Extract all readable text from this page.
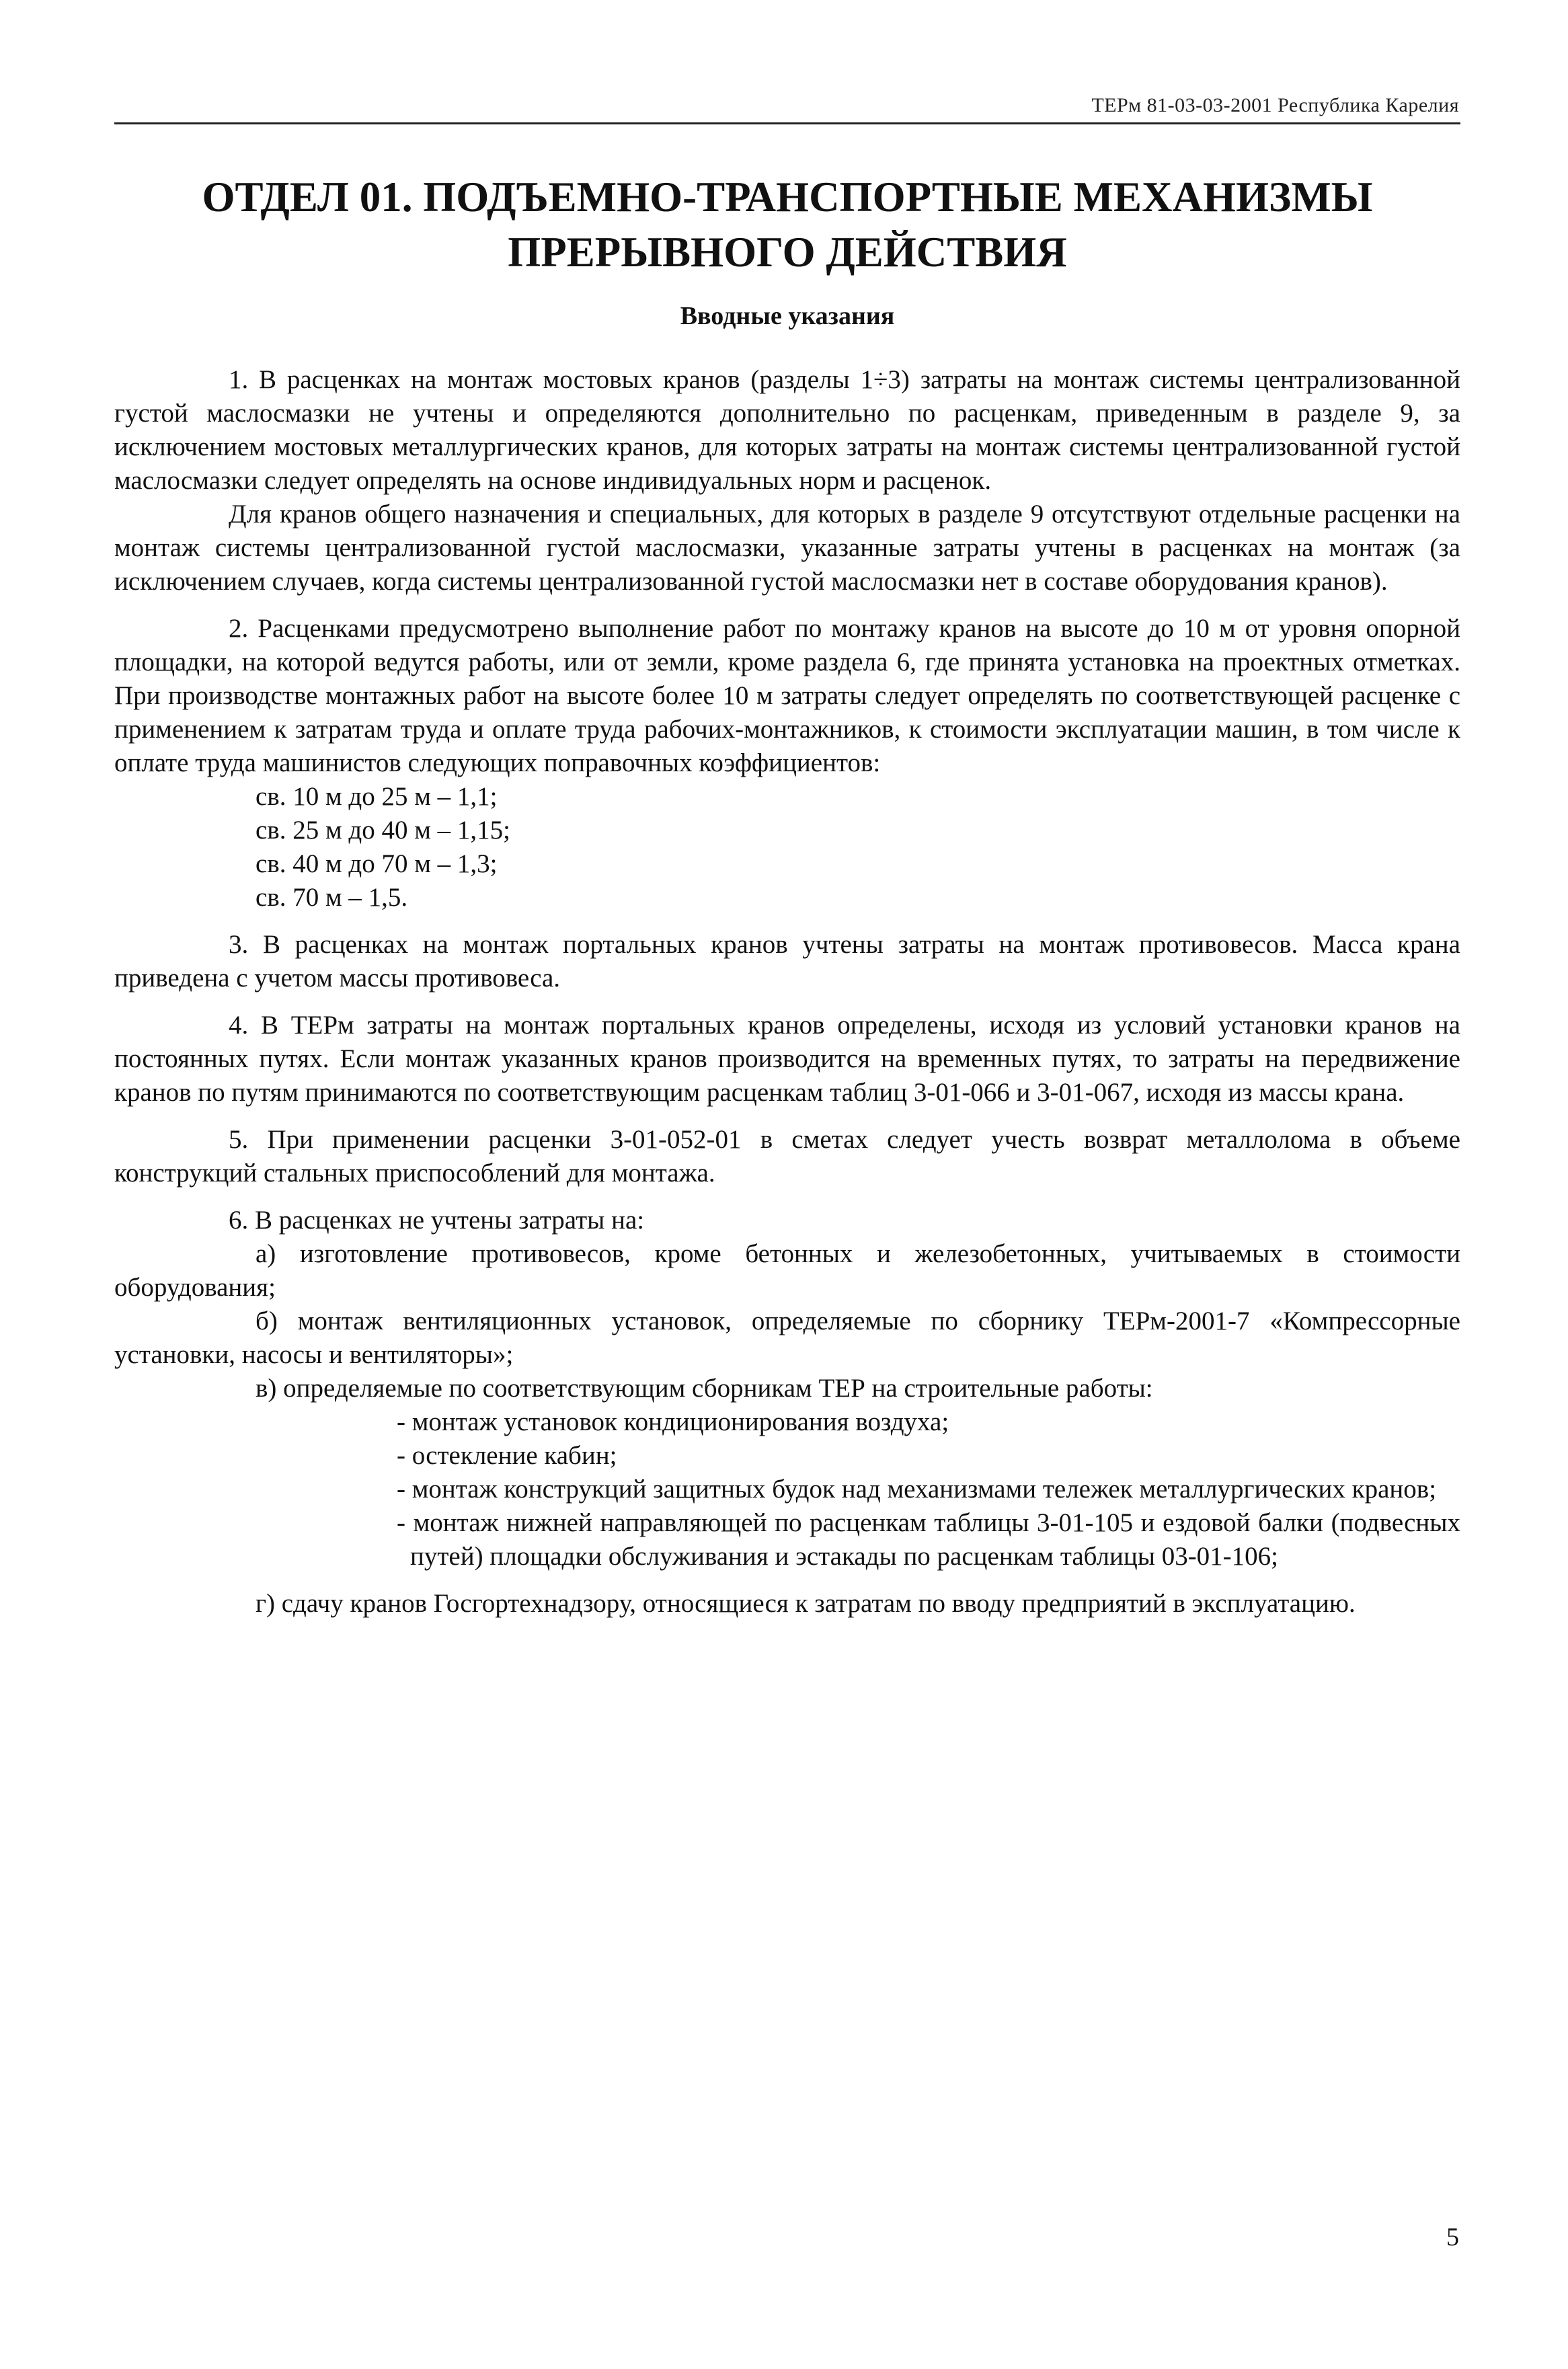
ТЕРм 81-03-03-2001 Республика Карелия
ОТДЕЛ 01. ПОДЪЕМНО-ТРАНСПОРТНЫЕ МЕХАНИЗМЫ
ПРЕРЫВНОГО ДЕЙСТВИЯ
Вводные указания

1. В расценках на монтаж мостовых кранов (разделы 1÷3) затраты на монтаж системы централизованной густой маслосмазки не учтены и определяются дополнительно по расценкам, приведенным в разделе 9, за исключением мостовых металлургических кранов, для которых затраты на монтаж системы централизованной густой маслосмазки следует определять на основе индивидуальных норм и расценок.

Для кранов общего назначения и специальных, для которых в разделе 9 отсутствуют отдельные расценки на монтаж системы централизованной густой маслосмазки, указанные затраты учтены в расценках на монтаж (за исключением случаев, когда системы централизованной густой маслосмазки нет в составе оборудования кранов).

2. Расценками предусмотрено выполнение работ по монтажу кранов на высоте до 10 м от уровня опорной площадки, на которой ведутся работы, или от земли, кроме раздела 6, где принята установка на проектных отметках. При производстве монтажных работ на высоте более 10 м затраты следует определять по соответствующей расценке с применением к затратам труда и оплате труда рабочих-монтажников, к стоимости эксплуатации машин, в том числе к оплате труда машинистов следующих поправочных коэффициентов:

св. 10 м до 25 м – 1,1;

св. 25 м до 40 м – 1,15;

св. 40 м до 70 м – 1,3;

св. 70 м – 1,5.

3. В расценках на монтаж портальных кранов учтены затраты на монтаж противовесов. Масса крана приведена с учетом массы противовеса.

4. В ТЕРм затраты на монтаж портальных кранов определены, исходя из условий установки кранов на постоянных путях. Если монтаж указанных кранов производится на временных путях, то затраты на передвижение кранов по путям принимаются по соответствующим расценкам таблиц 3-01-066 и 3-01-067, исходя из массы крана.

5. При применении расценки 3-01-052-01 в сметах следует учесть возврат металлолома в объеме конструкций стальных приспособлений для монтажа.

6. В расценках не учтены затраты на:

а) изготовление противовесов, кроме бетонных и железобетонных, учитываемых в стоимости оборудования;

б) монтаж вентиляционных установок, определяемые по сборнику ТЕРм-2001-7 «Компрессорные установки, насосы и вентиляторы»;

в) определяемые по соответствующим сборникам ТЕР на строительные работы:

- монтаж установок кондиционирования воздуха;

- остекление кабин;

- монтаж конструкций защитных будок над механизмами тележек металлургических кранов;

- монтаж нижней направляющей по расценкам таблицы 3-01-105 и ездовой балки (подвесных путей) площадки обслуживания и эстакады по расценкам таблицы 03-01-106;

г) сдачу кранов Госгортехнадзору, относящиеся к затратам по вводу предприятий в эксплуатацию.

5
